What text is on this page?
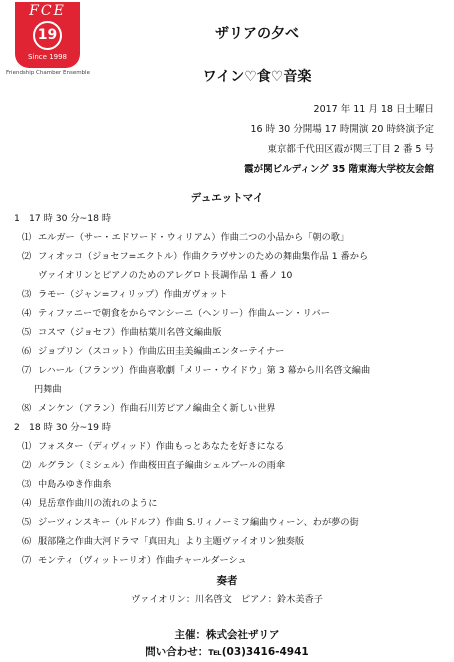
FCE
19
Since 1998
Friendship Chamber Ensemble
ザリアの夕べ
ワイン♡食♡音楽
2017 年 11 月 18 日土曜日
16 時 30 分開場 17 時開演 20 時終演予定
東京都千代田区霞が関三丁目 2 番 5 号
霞が関ビルディング 35 階東海大学校友会館
デュエットマイ
1　17 時 30 分~18 時
⑴ エルガー（サー・エドワード・ウィリアム）作曲二つの小品から「朝の歌」
⑵ フィオッコ（ジョセフ=エクトル）作曲クラヴサンのための舞曲集作品 1 番から
ヴァイオリンとピアノのためのアレグロト長調作品 1 番ノ 10
⑶ ラモー（ジャン=フィリップ）作曲ガヴォット
⑷ ティファニーで朝食をからマンシーニ（ヘンリー）作曲ムーン・リバー
⑸ コスマ（ジョセフ）作曲枯葉川名啓文編曲版
⑹ ジョプリン（スコット）作曲広田圭美編曲エンターテイナー
⑺ レハール（フランツ）作曲喜歌劇「メリー・ウイドウ」第 3 幕から川名啓文編曲
円舞曲
⑻ メンケン（アラン）作曲石川芳ピアノ編曲全く新しい世界
2　18 時 30 分~19 時
⑴ フォスター（ディヴィッド）作曲もっとあなたを好きになる
⑵ ルグラン（ミシェル）作曲桜田直子編曲シェルブールの雨傘
⑶ 中島みゆき作曲糸
⑷ 見岳章作曲川の流れのように
⑸ ジーツィンスキー（ルドルフ）作曲 S.リィノーミフ編曲ウィーン、わが夢の街
⑹ 服部隆之作曲大河ドラマ「真田丸」より主題ヴァイオリン独奏版
⑺ モンティ（ヴィットーリオ）作曲チャールダーシュ
奏者
ヴァイオリン：川名啓文　ピアノ：鈴木美香子
主催：株式会社ザリア
問い合わせ：℡(03)3416-4941
